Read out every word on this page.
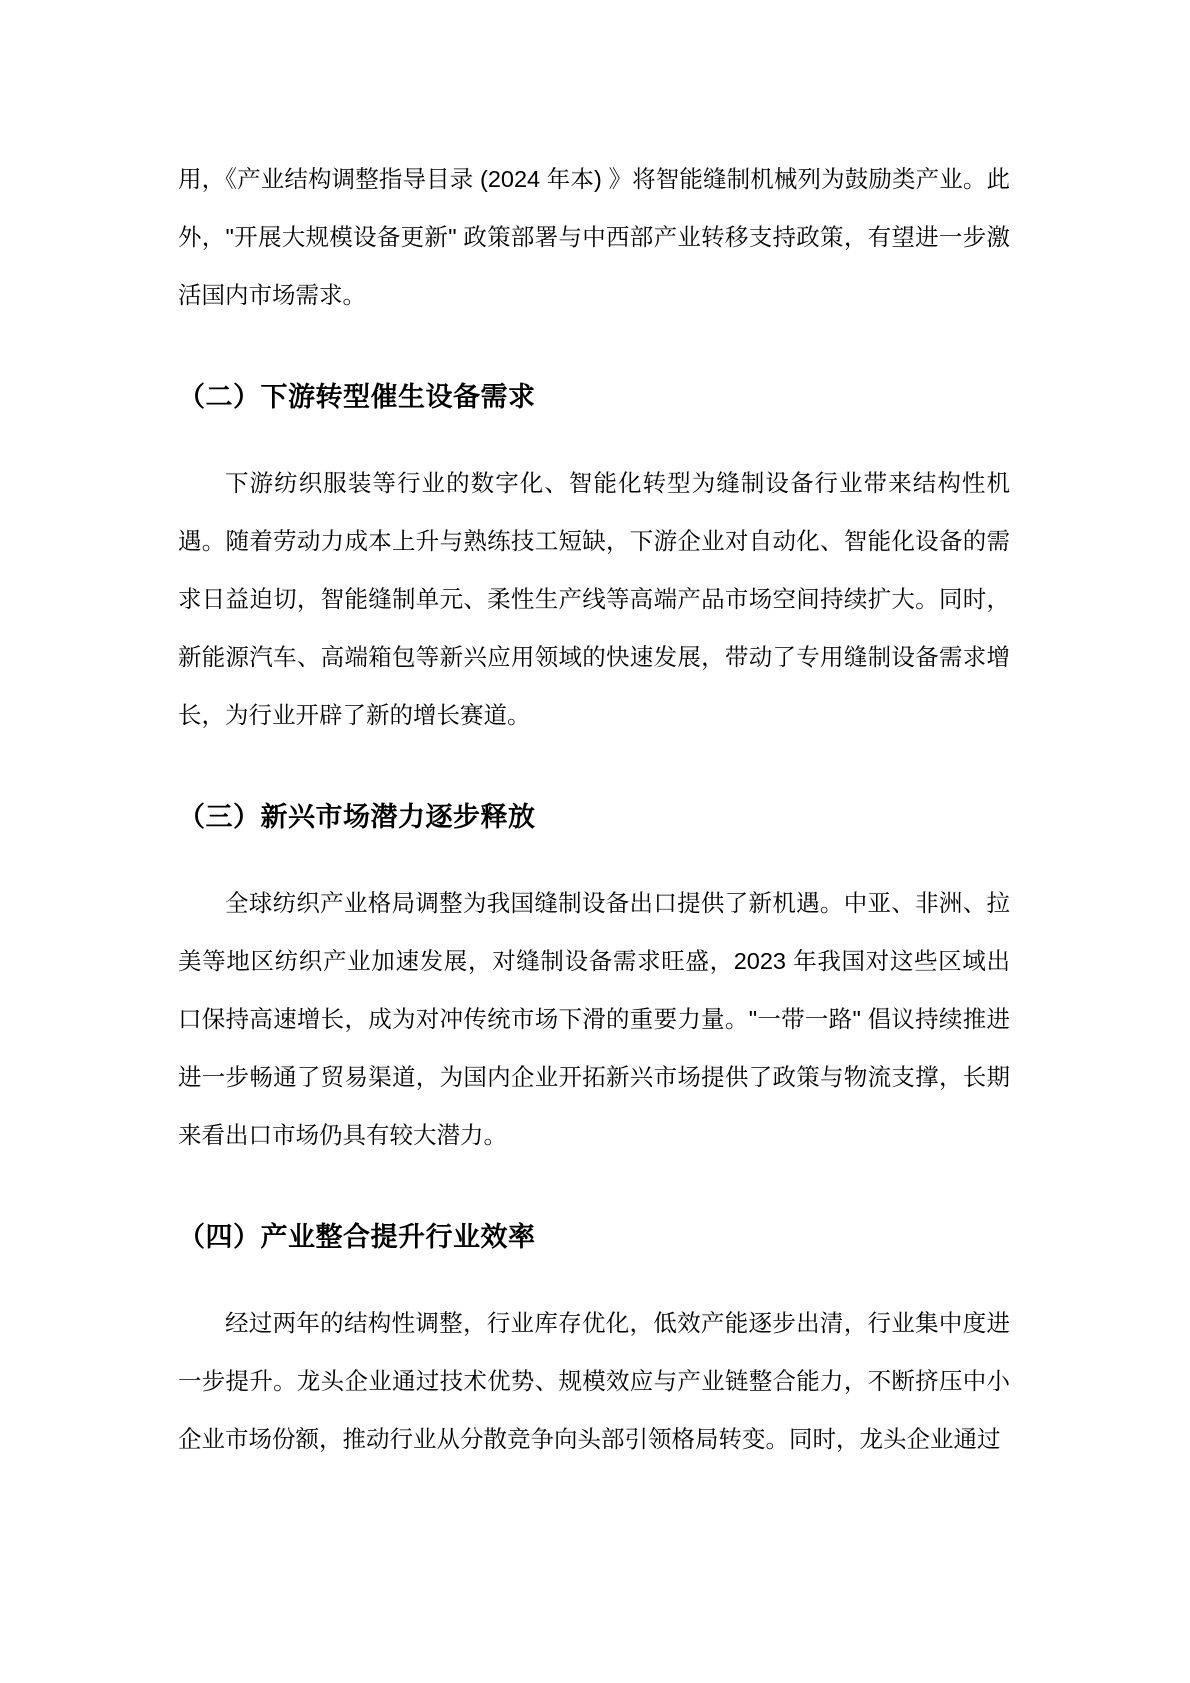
用，《产业结构调整指导目录 (2024 年本) 》将智能缝制机械列为鼓励类产业。此外，"开展大规模设备更新" 政策部署与中西部产业转移支持政策，有望进一步激活国内市场需求。

（二）下游转型催生设备需求

下游纺织服装等行业的数字化、智能化转型为缝制设备行业带来结构性机遇。随着劳动力成本上升与熟练技工短缺，下游企业对自动化、智能化设备的需求日益迫切，智能缝制单元、柔性生产线等高端产品市场空间持续扩大。同时，新能源汽车、高端箱包等新兴应用领域的快速发展，带动了专用缝制设备需求增长，为行业开辟了新的增长赛道。

（三）新兴市场潜力逐步释放

全球纺织产业格局调整为我国缝制设备出口提供了新机遇。中亚、非洲、拉美等地区纺织产业加速发展，对缝制设备需求旺盛，2023 年我国对这些区域出口保持高速增长，成为对冲传统市场下滑的重要力量。"一带一路" 倡议持续推进进一步畅通了贸易渠道，为国内企业开拓新兴市场提供了政策与物流支撑，长期来看出口市场仍具有较大潜力。

（四）产业整合提升行业效率

经过两年的结构性调整，行业库存优化，低效产能逐步出清，行业集中度进一步提升。龙头企业通过技术优势、规模效应与产业链整合能力，不断挤压中小企业市场份额，推动行业从分散竞争向头部引领格局转变。同时，龙头企业通过
